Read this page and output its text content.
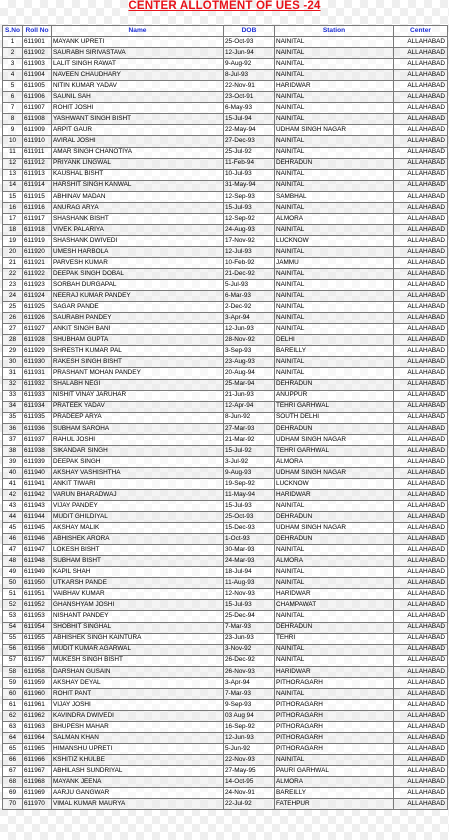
CENTER ALLOTMENT OF UES -24
S.No	Roll No	Name	DOB	Station	Center
1	611901	MAYANK UPRETI	25-Oct-93	NAINITAL	ALLAHABAD
2	611902	SAURABH SIRIVASTAVA	12-Jun-94	NAINITAL	ALLAHABAD
3	611903	LALIT SINGH RAWAT	9-Aug-92	NAINITAL	ALLAHABAD
4	611904	NAVEEN CHAUDHARY	8-Jul-93	NAINITAL	ALLAHABAD
5	611905	NITIN KUMAR YADAV	22-Nov-91	HARIDWAR	ALLAHABAD
6	611906	SAUNIL SAH	23-Oct-91	NAINITAL	ALLAHABAD
7	611907	ROHIT JOSHI	6-May-93	NAINITAL	ALLAHABAD
8	611908	YASHWANT SINGH BISHT	15-Jul-94	NAINITAL	ALLAHABAD
9	611909	ARPIT GAUR	22-May-94	UDHAM SINGH NAGAR	ALLAHABAD
10	611910	AVIRAL JOSHI	27-Dec-93	NAINITAL	ALLAHABAD
11	611911	AMAR SINGH CHANOTIYA	25-Jul-92	NAINITAL	ALLAHABAD
12	611912	PRIYANK LINGWAL	11-Feb-94	DEHRADUN	ALLAHABAD
13	611913	KAUSHAL BISHT	10-Jul-93	NAINITAL	ALLAHABAD
14	611914	HARSHIT SINGH KANWAL	31-May-94	NAINITAL	ALLAHABAD
15	611915	ABHINAV MADAN	12-Sep-93	SAMBHAL	ALLAHABAD
16	611916	ANURAG ARYA	15-Jul-93	NAINITAL	ALLAHABAD
17	611917	SHASHANK BISHT	12-Sep-92	ALMORA	ALLAHABAD
18	611918	VIVEK PALARIYA	24-Aug-93	NAINITAL	ALLAHABAD
19	611919	SHASHANK DWIVEDI	17-Nov-92	LUCKNOW	ALLAHABAD
20	611920	UMESH HARBOLA	12-Jul-93	NAINITAL	ALLAHABAD
21	611921	PARVESH KUMAR	10-Feb-92	JAMMU	ALLAHABAD
22	611922	DEEPAK SINGH DOBAL	21-Dec-92	NAINITAL	ALLAHABAD
23	611923	SORBAH DURGAPAL	5-Jul-93	NAINITAL	ALLAHABAD
24	611924	NEERAJ KUMAR PANDEY	6-Mar-93	NAINITAL	ALLAHABAD
25	611925	SAGAR PANDE	2-Dec-92	NAINITAL	ALLAHABAD
26	611926	SAURABH PANDEY	3-Apr-94	NAINITAL	ALLAHABAD
27	611927	ANKIT SINGH BANI	12-Jun-93	NAINITAL	ALLAHABAD
28	611928	SHUBHAM GUPTA	28-Nov-92	DELHI	ALLAHABAD
29	611929	SHRESTH KUMAR PAL	3-Sep-93	BAREILLY	ALLAHABAD
30	611930	RAKESH SINGH BISHT	23-Aug-93	NAINITAL	ALLAHABAD
31	611931	PRASHANT MOHAN PANDEY	20-Aug-94	NAINITAL	ALLAHABAD
32	611932	SHALABH NEGI	25-Mar-94	DEHRADUN	ALLAHABAD
33	611933	NISHIT VINAY JARUHAR	21-Jun-93	ANUPPUR	ALLAHABAD
34	611934	PRATEEK YADAV	12-Apr-94	TEHRI GARHWAL	ALLAHABAD
35	611935	PRADEEP ARYA	8-Jun-92	SOUTH DELHI	ALLAHABAD
36	611936	SUBHAM SAROHA	27-Mar-93	DEHRADUN	ALLAHABAD
37	611937	RAHUL JOSHI	21-Mar-92	UDHAM SINGH NAGAR	ALLAHABAD
38	611938	SIKANDAR SINGH	15-Jul-92	TEHRI GARHWAL	ALLAHABAD
39	611939	DEEPAK SINGH	3-Jul-92	ALMORA	ALLAHABAD
40	611940	AKSHAY VASHISHTHA	9-Aug-93	UDHAM SINGH NAGAR	ALLAHABAD
41	611941	ANKIT TIWARI	19-Sep-92	LUCKNOW	ALLAHABAD
42	611942	VARUN BHARADWAJ	11-May-94	HARIDWAR	ALLAHABAD
43	611943	VIJAY PANDEY	15-Jul-93	NAINITAL	ALLAHABAD
44	611944	MUDIT GHILDIYAL	25-Oct-93	DEHRADUN	ALLAHABAD
45	611945	AKSHAY MALIK	15-Dec-93	UDHAM SINGH NAGAR	ALLAHABAD
46	611946	ABHISHEK ARORA	1-Oct-93	DEHRADUN	ALLAHABAD
47	611947	LOKESH BISHT	30-Mar-93	NAINITAL	ALLAHABAD
48	611948	SUBHAM BISHT	24-Mar-93	ALMORA	ALLAHABAD
49	611949	KAPIL SHAH	18-Jul-94	NAINITAL	ALLAHABAD
50	611950	UTKARSH PANDE	11-Aug-93	NAINITAL	ALLAHABAD
51	611951	VAIBHAV KUMAR	12-Nov-93	HARIDWAR	ALLAHABAD
52	611952	GHANSHYAM JOSHI	15-Jul-93	CHAMPAWAT	ALLAHABAD
53	611953	NISHANT PANDEY	25-Dec-94	NAINITAL	ALLAHABAD
54	611954	SHOBHIT SINGHAL	7-Mar-93	DEHRADUN	ALLAHABAD
55	611955	ABHISHEK SINGH KAINTURA	23-Jun-93	TEHRI	ALLAHABAD
56	611956	MUDIT KUMAR AGARWAL	3-Nov-92	NAINITAL	ALLAHABAD
57	611957	MUKESH SINGH BISHT	26-Dec-92	NAINITAL	ALLAHABAD
58	611958	DARSHAN GUSAIN	26-Nov-93	HARIDWAR	ALLAHABAD
59	611959	AKSHAY DEYAL	3-Apr-94	PITHORAGARH	ALLAHABAD
60	611960	ROHIT PANT	7-Mar-93	NAINITAL	ALLAHABAD
61	611961	VIJAY JOSHI	9-Sep-93	PITHORAGARH	ALLAHABAD
62	611962	KAVINDRA DWIVEDI	03 Aug 94	PITHORAGARH	ALLAHABAD
63	611963	BHUPESH MAHAR	16-Sep-92	PITHORAGARH	ALLAHABAD
64	611964	SALMAN KHAN	12-Jun-93	PITHORAGARH	ALLAHABAD
65	611965	HIMANSHU UPRETI	5-Jun-92	PITHORAGARH	ALLAHABAD
66	611966	KSHITIZ KHULBE	22-Nov-93	NAINITAL	ALLAHABAD
67	611967	ABHILASH SUNDRIYAL	27-May-95	PAURI GARHWAL	ALLAHABAD
68	611968	MAYANK JEENA	14-Oct-95	ALMORA	ALLAHABAD
69	611969	AARJU GANGWAR	24-Nov-91	BAREILLY	ALLAHABAD
70	611970	VIMAL KUMAR MAURYA	22-Jul-92	FATEHPUR	ALLAHABAD
